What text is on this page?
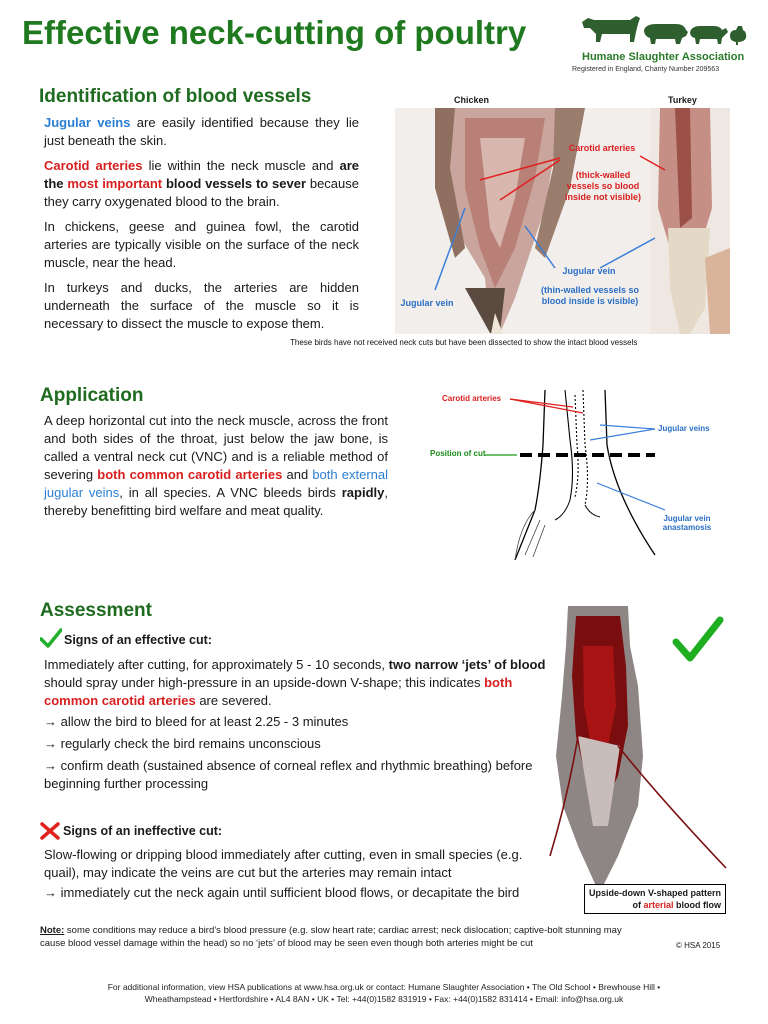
Effective neck-cutting of poultry
Humane Slaughter Association
Registered in England, Charity Number 209563
Identification of blood vessels

Jugular veins are easily identified because they lie just beneath the skin.

Carotid arteries lie within the neck muscle and are the most important blood vessels to sever because they carry oxygenated blood to the brain.

In chickens, geese and guinea fowl, the carotid arteries are typically visible on the surface of the neck muscle, near the head.

In turkeys and ducks, the arteries are hidden underneath the surface of the muscle so it is necessary to dissect the muscle to expose them.

Chicken	Turkey
Carotid arteries
(thick-walled vessels so blood inside not visible)
Jugular vein
Jugular vein
(thin-walled vessels so blood inside is visible)
These birds have not received neck cuts but have been dissected to show the intact blood vessels
Application

A deep horizontal cut into the neck muscle, across the front and both sides of the throat, just below the jaw bone, is called a ventral neck cut (VNC) and is a reliable method of severing both common carotid arteries and both external jugular veins, in all species. A VNC bleeds birds rapidly, thereby benefitting bird welfare and meat quality.

Carotid arteries
Jugular veins
Position of cut
Jugular vein anastamosis
Assessment
Signs of an effective cut:
Immediately after cutting, for approximately 5 - 10 seconds, two narrow ‘jets’ of blood should spray under high-pressure in an upside-down V-shape; this indicates both common carotid arteries are severed.
→ allow the bird to bleed for at least 2.25 - 3 minutes
→ regularly check the bird remains unconscious
→ confirm death (sustained absence of corneal reflex and rhythmic breathing) before beginning further processing
Signs of an ineffective cut:
Slow-flowing or dripping blood immediately after cutting, even in small species (e.g. quail), may indicate the veins are cut but the arteries may remain intact
→ immediately cut the neck again until sufficient blood flows, or decapitate the bird	Upside-down V-shaped pattern
of arterial blood flow
Note: some conditions may reduce a bird’s blood pressure (e.g. slow heart rate; cardiac arrest; neck dislocation; captive-bolt stunning may cause blood vessel damage within the head) so no ‘jets’ of blood may be seen even though both arteries might be cut	© HSA 2015
For additional information, view HSA publications at www.hsa.org.uk or contact: Humane Slaughter Association • The Old School • Brewhouse Hill •
Wheathampstead • Hertfordshire • AL4 8AN • UK • Tel: +44(0)1582 831919 • Fax: +44(0)1582 831414 • Email: info@hsa.org.uk
